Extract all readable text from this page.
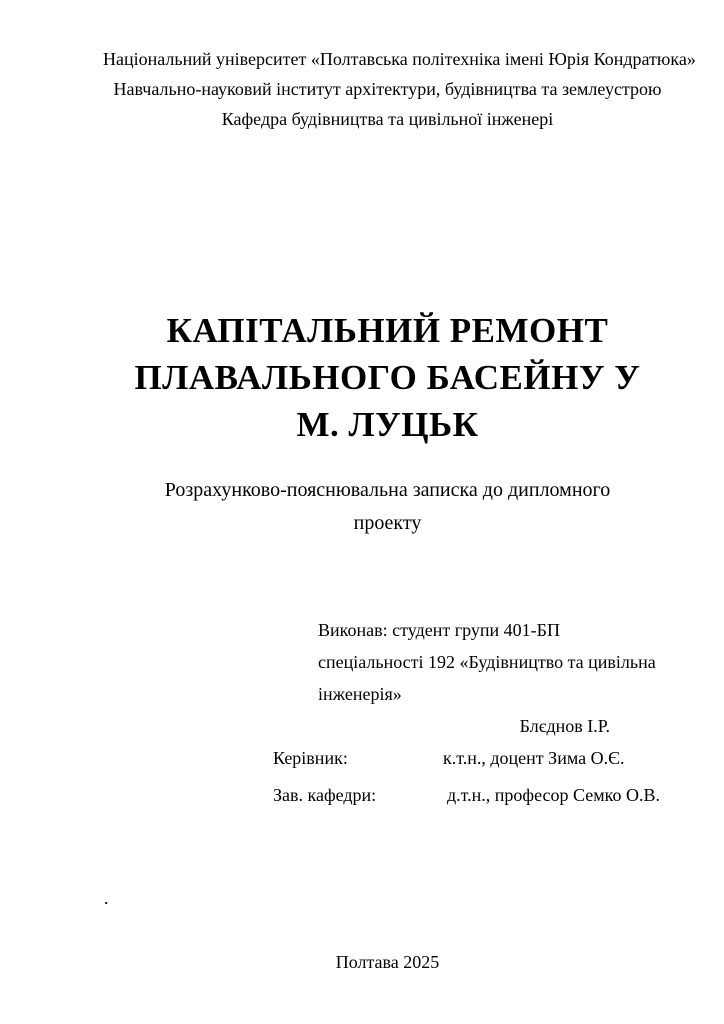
Національний університет «Полтавська політехніка імені Юрія Кондратюка»
Навчально-науковий інститут архітектури, будівництва та землеустрою
Кафедра будівництва та цивільної інженері
КАПІТАЛЬНИЙ РЕМОНТ
ПЛАВАЛЬНОГО БАСЕЙНУ У
М. ЛУЦЬК
Розрахунково-пояснювальна записка до дипломного
проекту
Виконав: студент групи 401-БП
спеціальності 192 «Будівництво та цивільна
інженерія»
Блєднов І.Р.
Керівник:	к.т.н., доцент Зима О.Є.
Зав. кафедри:	д.т.н., професор Семко О.В.
.
Полтава 2025
